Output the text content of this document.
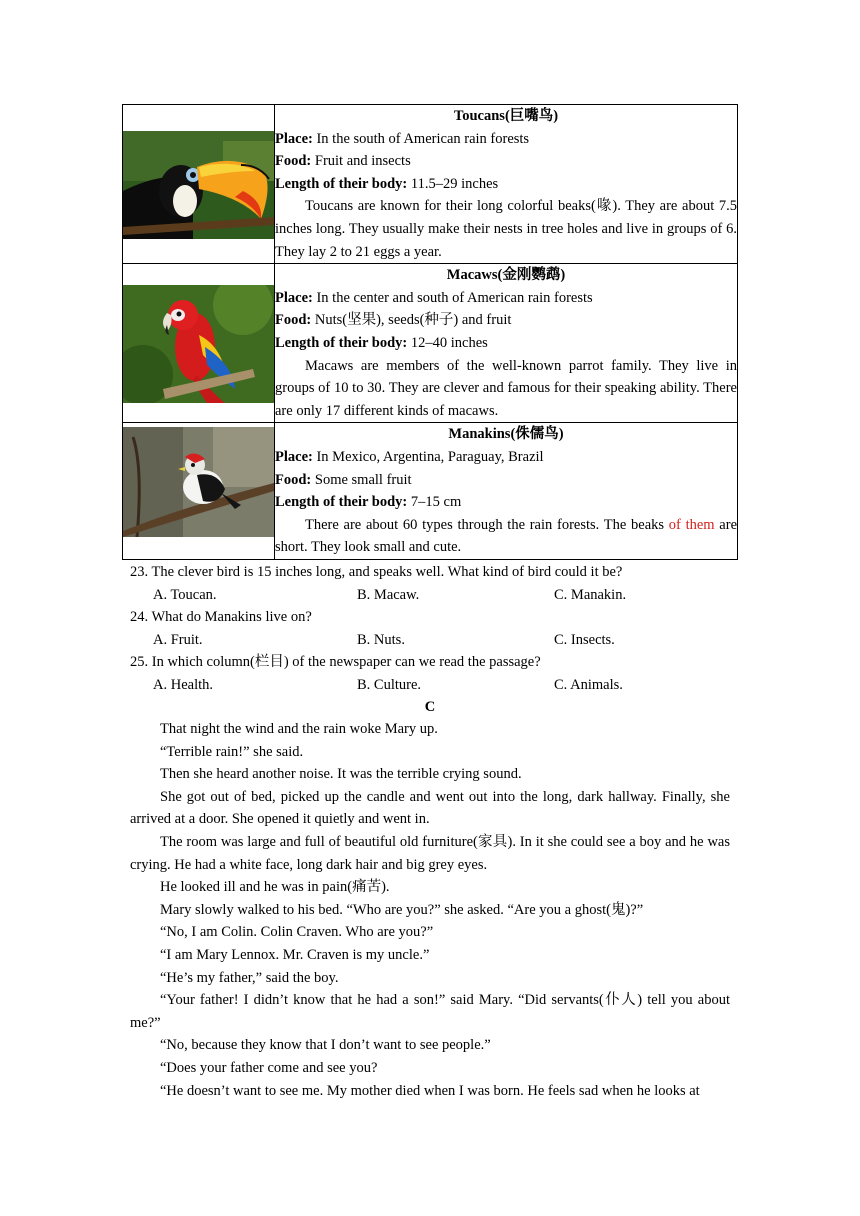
Toucans(巨嘴鸟)
Place: In the south of American rain forests
Food: Fruit and insects
Length of their body: 11.5–29 inches
Toucans are known for their long colorful beaks(喙). They are about 7.5 inches long. They usually make their nests in tree holes and live in groups of 6. They lay 2 to 21 eggs a year.

Macaws(金刚鹦鹉)
Place: In the center and south of American rain forests
Food: Nuts(坚果), seeds(种子) and fruit
Length of their body: 12–40 inches
Macaws are members of the well-known parrot family. They live in groups of 10 to 30. They are clever and famous for their speaking ability. There are only 17 different kinds of macaws.

Manakins(侏儒鸟)
Place: In Mexico, Argentina, Paraguay, Brazil
Food: Some small fruit
Length of their body: 7–15 cm
There are about 60 types through the rain forests. The beaks of them are short. They look small and cute.
23. The clever bird is 15 inches long, and speaks well. What kind of bird could it be?
A. Toucan.	B. Macaw.	C. Manakin.
24. What do Manakins live on?
A. Fruit.	B. Nuts.	C. Insects.
25. In which column(栏目) of the newspaper can we read the passage?
A. Health.	B. Culture.	C. Animals.
C

That night the wind and the rain woke Mary up.

“Terrible rain!” she said.

Then she heard another noise. It was the terrible crying sound.

She got out of bed, picked up the candle and went out into the long, dark hallway. Finally, she arrived at a door. She opened it quietly and went in.

The room was large and full of beautiful old furniture(家具). In it she could see a boy and he was crying. He had a white face, long dark hair and big grey eyes.

He looked ill and he was in pain(痛苦).

Mary slowly walked to his bed. “Who are you?” she asked. “Are you a ghost(鬼)?”

“No, I am Colin. Colin Craven. Who are you?”

“I am Mary Lennox. Mr. Craven is my uncle.”

“He’s my father,” said the boy.

“Your father! I didn’t know that he had a son!” said Mary. “Did servants(仆人) tell you about me?”

“No, because they know that I don’t want to see people.”

“Does your father come and see you?

“He doesn’t want to see me. My mother died when I was born. He feels sad when he looks at
